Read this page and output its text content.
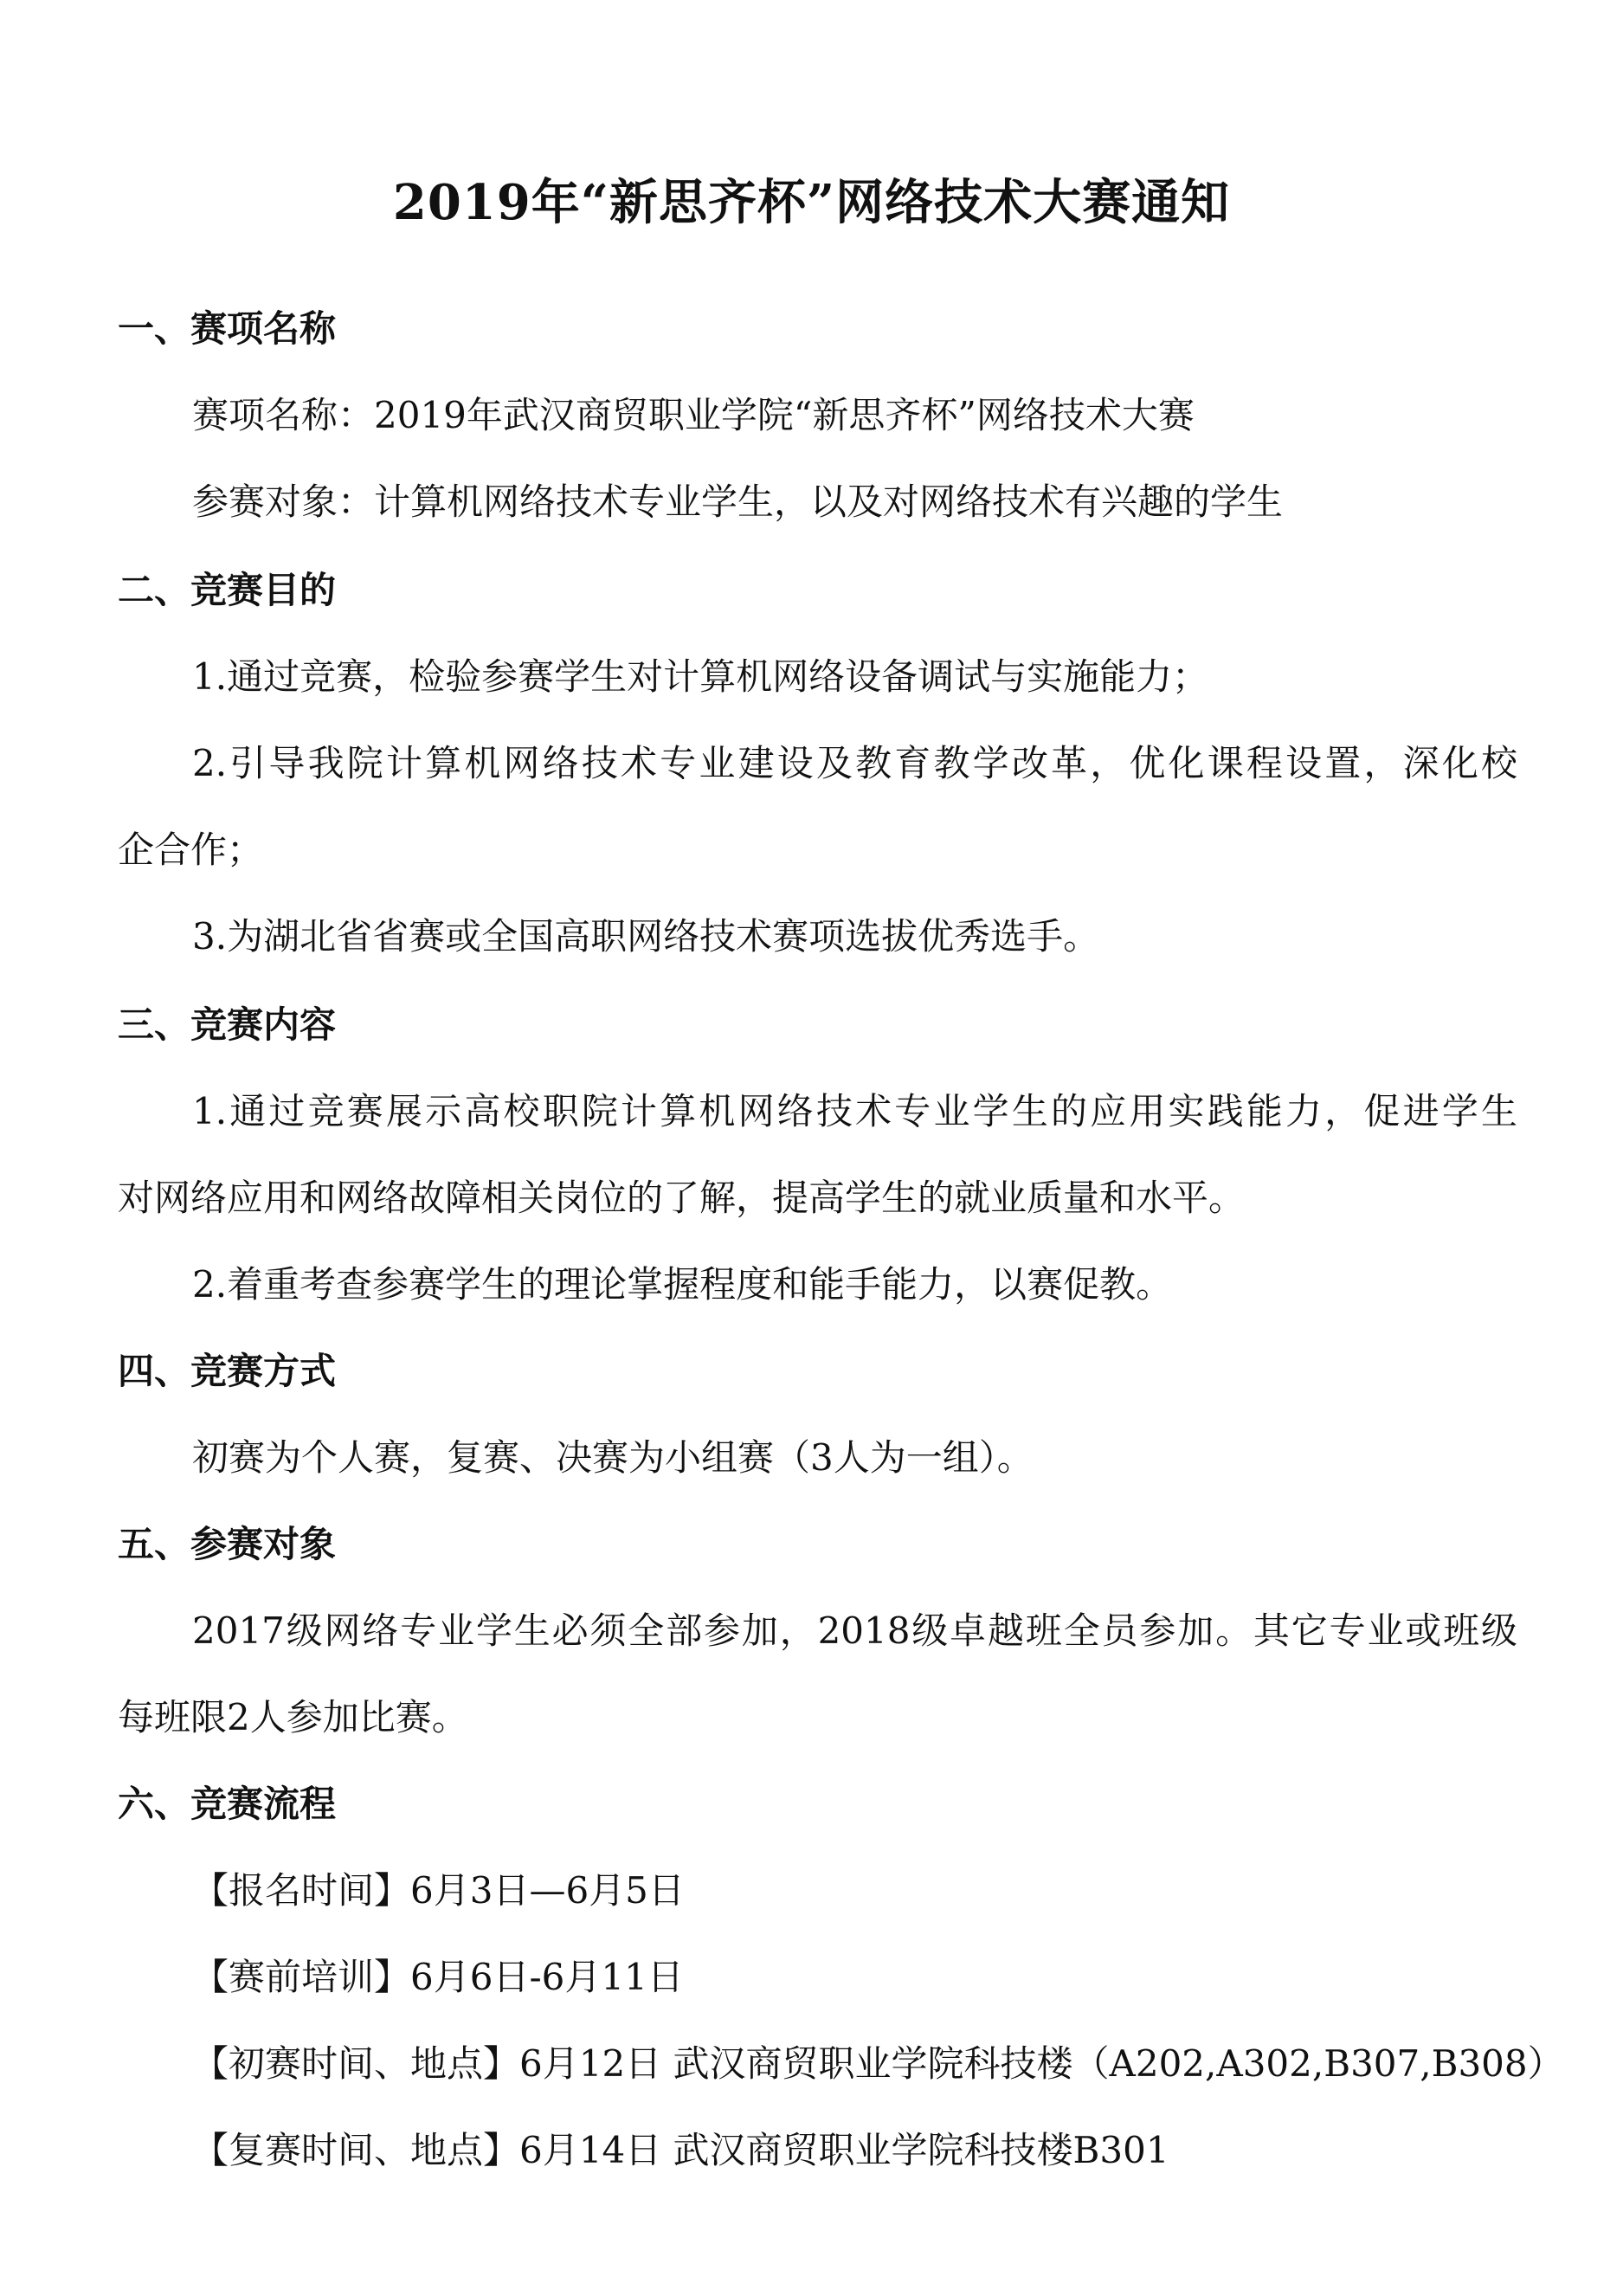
2019年“新思齐杯”网络技术大赛通知
一、赛项名称
赛项名称：2019年武汉商贸职业学院“新思齐杯”网络技术大赛
参赛对象：计算机网络技术专业学生，以及对网络技术有兴趣的学生
二、竞赛目的
1.通过竞赛，检验参赛学生对计算机网络设备调试与实施能力；
2.引导我院计算机网络技术专业建设及教育教学改革，优化课程设置，深化校
企合作；
3.为湖北省省赛或全国高职网络技术赛项选拔优秀选手。
三、竞赛内容
1.通过竞赛展示高校职院计算机网络技术专业学生的应用实践能力，促进学生
对网络应用和网络故障相关岗位的了解，提高学生的就业质量和水平。
2.着重考查参赛学生的理论掌握程度和能手能力，以赛促教。
四、竞赛方式
初赛为个人赛，复赛、决赛为小组赛（3人为一组）。
五、参赛对象
2017级网络专业学生必须全部参加，2018级卓越班全员参加。其它专业或班级
每班限2人参加比赛。
六、竞赛流程
【报名时间】6月3日—6月5日
【赛前培训】6月6日-6月11日
【初赛时间、地点】6月12日 武汉商贸职业学院科技楼（A202,A302,B307,B308）
【复赛时间、地点】6月14日 武汉商贸职业学院科技楼B301
